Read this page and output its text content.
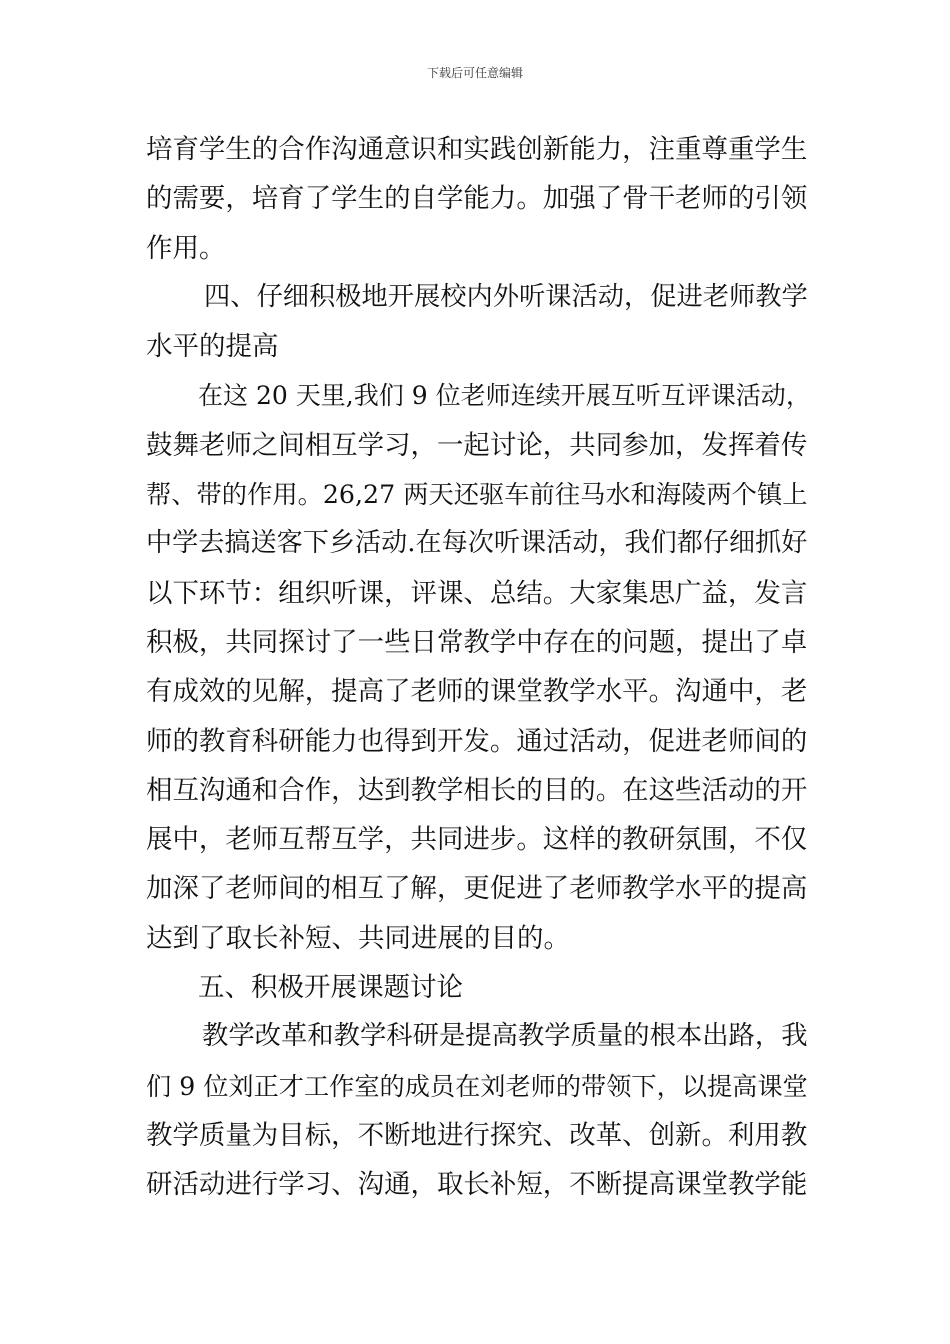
下载后可任意编辑
培育学生的合作沟通意识和实践创新能力，注重尊重学生
的需要，培育了学生的自学能力。加强了骨干老师的引领
作用。
四、仔细积极地开展校内外听课活动，促进老师教学
水平的提高
在这 20 天里,我们 9 位老师连续开展互听互评课活动，
鼓舞老师之间相互学习，一起讨论，共同参加，发挥着传
帮、带的作用。26,27 两天还驱车前往马水和海陵两个镇上
中学去搞送客下乡活动.在每次听课活动，我们都仔细抓好
以下环节：组织听课，评课、总结。大家集思广益，发言
积极，共同探讨了一些日常教学中存在的问题，提出了卓
有成效的见解，提高了老师的课堂教学水平。沟通中，老
师的教育科研能力也得到开发。通过活动，促进老师间的
相互沟通和合作，达到教学相长的目的。在这些活动的开
展中，老师互帮互学，共同进步。这样的教研氛围，不仅
加深了老师间的相互了解，更促进了老师教学水平的提高
达到了取长补短、共同进展的目的。
五、积极开展课题讨论
教学改革和教学科研是提高教学质量的根本出路，我
们 9 位刘正才工作室的成员在刘老师的带领下，以提高课堂
教学质量为目标，不断地进行探究、改革、创新。利用教
研活动进行学习、沟通，取长补短，不断提高课堂教学能
